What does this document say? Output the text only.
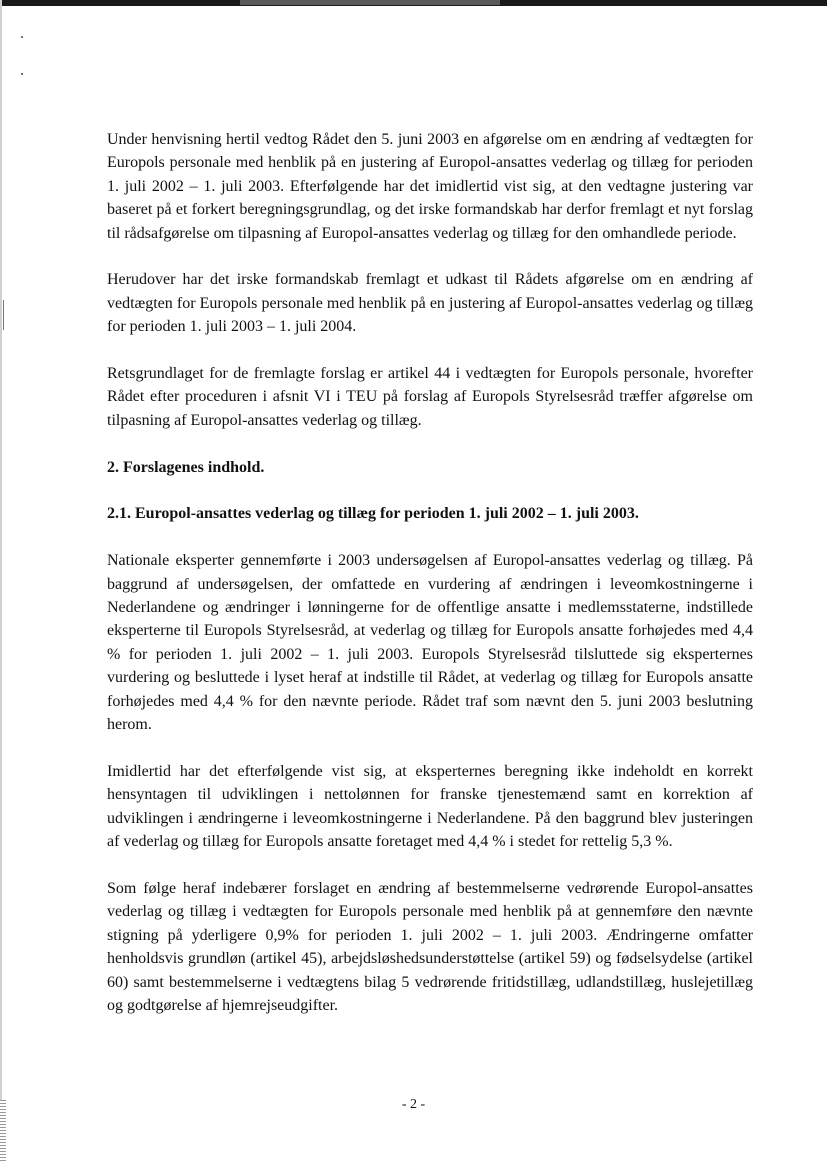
Under henvisning hertil vedtog Rådet den 5. juni 2003 en afgørelse om en ændring af vedtægten for Europols personale med henblik på en justering af Europol-ansattes vederlag og tillæg for perioden 1. juli 2002 – 1. juli 2003. Efterfølgende har det imidlertid vist sig, at den vedtagne justering var baseret på et forkert beregningsgrundlag, og det irske formandskab har derfor fremlagt et nyt forslag til rådsafgørelse om tilpasning af Europol-ansattes vederlag og tillæg for den omhandlede periode.

Herudover har det irske formandskab fremlagt et udkast til Rådets afgørelse om en ændring af vedtægten for Europols personale med henblik på en justering af Europol-ansattes vederlag og tillæg for perioden 1. juli 2003 – 1. juli 2004.

Retsgrundlaget for de fremlagte forslag er artikel 44 i vedtægten for Europols personale, hvorefter Rådet efter proceduren i afsnit VI i TEU på forslag af Europols Styrelsesråd træffer afgørelse om tilpasning af Europol-ansattes vederlag og tillæg.

2. Forslagenes indhold.
2.1. Europol-ansattes vederlag og tillæg for perioden 1. juli 2002 – 1. juli 2003.

Nationale eksperter gennemførte i 2003 undersøgelsen af Europol-ansattes vederlag og tillæg. På baggrund af undersøgelsen, der omfattede en vurdering af ændringen i leveomkostningerne i Nederlandene og ændringer i lønningerne for de offentlige ansatte i medlemsstaterne, indstillede eksperterne til Europols Styrelsesråd, at vederlag og tillæg for Europols ansatte forhøjedes med 4,4 % for perioden 1. juli 2002 – 1. juli 2003. Europols Styrelsesråd tilsluttede sig eksperternes vurdering og besluttede i lyset heraf at indstille til Rådet, at vederlag og tillæg for Europols ansatte forhøjedes med 4,4 % for den nævnte periode. Rådet traf som nævnt den 5. juni 2003 beslutning herom.

Imidlertid har det efterfølgende vist sig, at eksperternes beregning ikke indeholdt en korrekt hensyntagen til udviklingen i nettolønnen for franske tjenestemænd samt en korrektion af udviklingen i ændringerne i leveomkostningerne i Nederlandene. På den baggrund blev justeringen af vederlag og tillæg for Europols ansatte foretaget med 4,4 % i stedet for rettelig 5,3 %.

Som følge heraf indebærer forslaget en ændring af bestemmelserne vedrørende Europol-ansattes vederlag og tillæg i vedtægten for Europols personale med henblik på at gennemføre den nævnte stigning på yderligere 0,9% for perioden 1. juli 2002 – 1. juli 2003. Ændringerne omfatter henholdsvis grundløn (artikel 45), arbejdsløshedsunderstøttelse (artikel 59) og fødselsydelse (artikel 60) samt bestemmelserne i vedtægtens bilag 5 vedrørende fritidstillæg, udlandstillæg, huslejetillæg og godtgørelse af hjemrejseudgifter.

- 2 -
